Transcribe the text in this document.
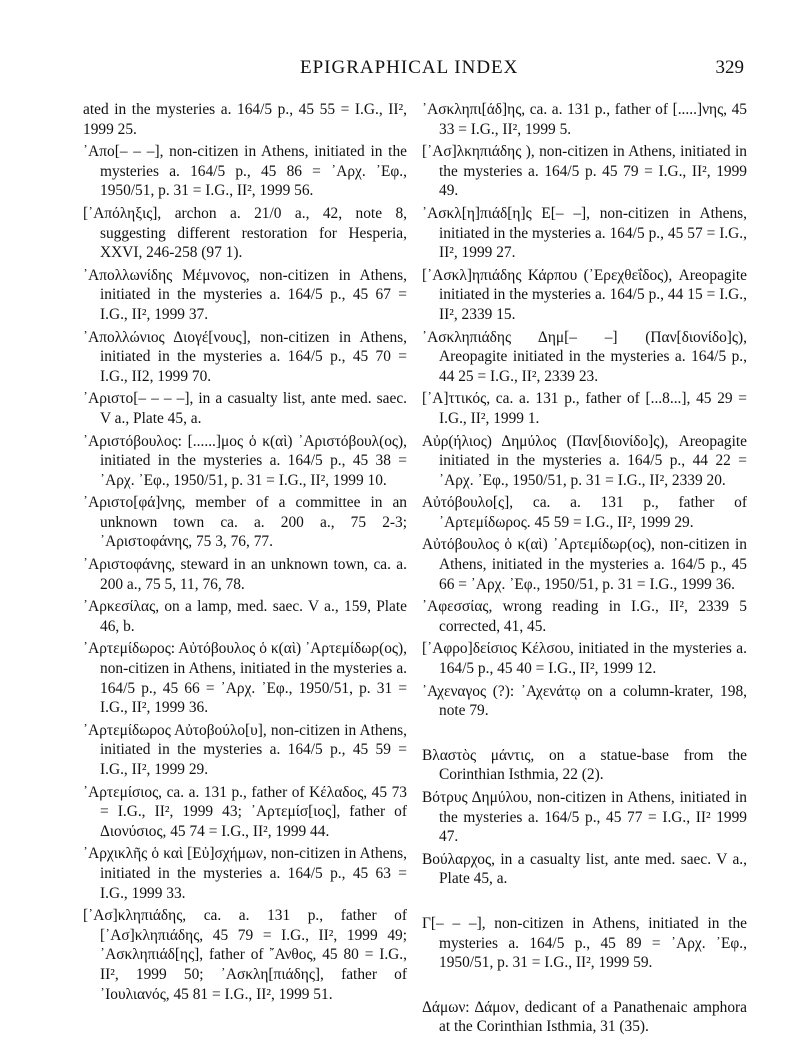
EPIGRAPHICAL INDEX	329

ated in the mysteries a. 164/5 p., 45 55 = I.G., II², 1999 25.

᾽Απο[– – –], non-citizen in Athens, initiated in the mysteries a. 164/5 p., 45 86 = ᾽Αρχ. ᾽Εφ., 1950/51, p. 31 = I.G., II², 1999 56.

[᾽Απόληξις], archon a. 21/0 a., 42, note 8, suggesting different restoration for Hesperia, XXVI, 246-258 (97 1).

᾽Απολλωνίδης Μέμνονος, non-citizen in Athens, initiated in the mysteries a. 164/5 p., 45 67 = I.G., II², 1999 37.

᾽Απολλώνιος Διογέ[νους], non-citizen in Athens, initiated in the mysteries a. 164/5 p., 45 70 = I.G., II2, 1999 70.

᾽Αριστο[– – – –], in a casualty list, ante med. saec. V a., Plate 45, a.

᾽Αριστόβουλος: [......]μος ὁ κ(αὶ) ᾽Αριστόβουλ(ος), initiated in the mysteries a. 164/5 p., 45 38 = ᾽Αρχ. ᾽Εφ., 1950/51, p. 31 = I.G., II², 1999 10.

᾽Αριστο[φά]νης, member of a committee in an unknown town ca. a. 200 a., 75 2-3; ᾽Αριστοφάνης, 75 3, 76, 77.

᾽Αριστοφάνης, steward in an unknown town, ca. a. 200 a., 75 5, 11, 76, 78.

᾽Αρκεσίλας, on a lamp, med. saec. V a., 159, Plate 46, b.

᾽Αρτεμίδωρος: Αὐτόβουλος ὁ κ(αὶ) ᾽Αρτεμίδωρ(ος), non-citizen in Athens, initiated in the mysteries a. 164/5 p., 45 66 = ᾽Αρχ. ᾽Εφ., 1950/51, p. 31 = I.G., II², 1999 36.

᾽Αρτεμίδωρος Αὐτοβούλο[υ], non-citizen in Athens, initiated in the mysteries a. 164/5 p., 45 59 = I.G., II², 1999 29.

᾽Αρτεμίσιος, ca. a. 131 p., father of Κέλαδος, 45 73 = I.G., II², 1999 43; ᾽Αρτεμίσ[ιος], father of Διονύσιος, 45 74 = I.G., II², 1999 44.

᾽Αρχικλῆς ὁ καὶ [Εὐ]σχήμων, non-citizen in Athens, initiated in the mysteries a. 164/5 p., 45 63 = I.G., 1999 33.

[᾽Ασ]κληπιάδης, ca. a. 131 p., father of [᾽Ασ]κληπιάδης, 45 79 = I.G., II², 1999 49; ᾽Ασκληπιάδ[ης], father of ῎Ανθος, 45 80 = I.G., II², 1999 50; ᾽Ασκλη[πιάδης], father of ᾽Ιουλιανός, 45 81 = I.G., II², 1999 51.

᾽Ασκληπι[άδ]ης, ca. a. 131 p., father of [.....]νης, 45 33 = I.G., II², 1999 5.

[᾽Ασ]λκηπιάδης ), non-citizen in Athens, initiated in the mysteries a. 164/5 p. 45 79 = I.G., II², 1999 49.

᾽Ασκλ[η]πιάδ[η]ς Ε[– –], non-citizen in Athens, initiated in the mysteries a. 164/5 p., 45 57 = I.G., II², 1999 27.

[᾽Ασκλ]ηπιάδης Κάρπου (᾽Ερεχθεΐδος), Areopagite initiated in the mysteries a. 164/5 p., 44 15 = I.G., II², 2339 15.

᾽Ασκληπιάδης Δημ[– –] (Παν[διονίδο]ς), Areopagite initiated in the mysteries a. 164/5 p., 44 25 = I.G., II², 2339 23.

[᾽Α]ττικός, ca. a. 131 p., father of [...8...], 45 29 = I.G., II², 1999 1.

Αὐρ(ήλιος) Δημύλος (Παν[διονίδο]ς), Areopagite initiated in the mysteries a. 164/5 p., 44 22 = ᾽Αρχ. ᾽Εφ., 1950/51, p. 31 = I.G., II², 2339 20.

Αὐτόβουλο[ς], ca. a. 131 p., father of ᾽Αρτεμίδωρος. 45 59 = I.G., II², 1999 29.

Αὐτόβουλος ὁ κ(αὶ) ᾽Αρτεμίδωρ(ος), non-citizen in Athens, initiated in the mysteries a. 164/5 p., 45 66 = ᾽Αρχ. ᾽Εφ., 1950/51, p. 31 = I.G., 1999 36.

᾽Αφεσσίας, wrong reading in I.G., II², 2339 5 corrected, 41, 45.

[᾽Αφρο]δείσιος Κέλσου, initiated in the mysteries a. 164/5 p., 45 40 = I.G., II², 1999 12.

᾽Αχεναγος (?): ᾽Αχενάτῳ on a column-krater, 198, note 79.

Βλαστὸς μάντις, on a statue-base from the Corinthian Isthmia, 22 (2).

Βότρυς Δημύλου, non-citizen in Athens, initiated in the mysteries a. 164/5 p., 45 77 = I.G., II² 1999 47.

Βούλαρχος, in a casualty list, ante med. saec. V a., Plate 45, a.

Γ[– – –], non-citizen in Athens, initiated in the mysteries a. 164/5 p., 45 89 = ᾽Αρχ. ᾽Εφ., 1950/51, p. 31 = I.G., II², 1999 59.

Δάμων: Δάμον, dedicant of a Panathenaic amphora at the Corinthian Isthmia, 31 (35).
